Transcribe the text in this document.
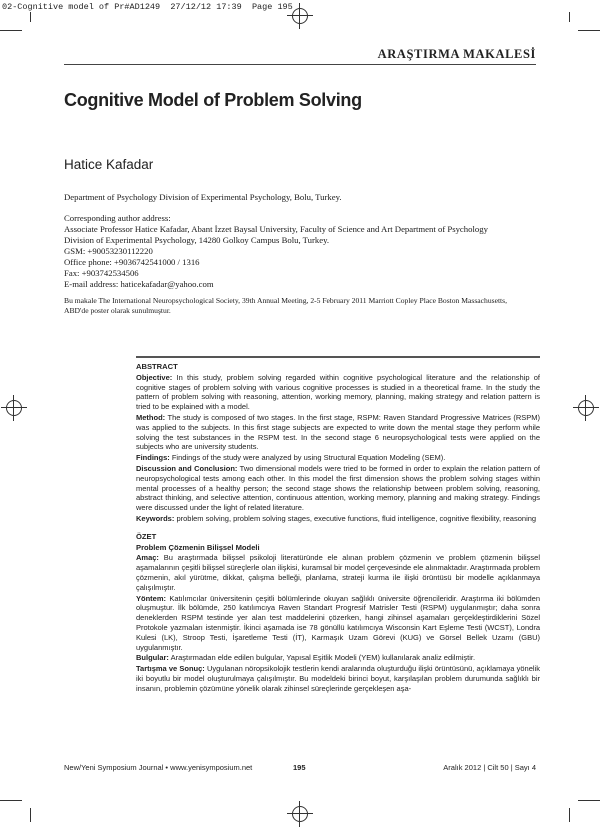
02-Cognitive model of Pr#AD1249  27/12/12 17:39  Page 195
ARAŞTIRMA MAKALESİ
Cognitive Model of Problem Solving
Hatice Kafadar
Department of Psychology Division of Experimental Psychology, Bolu, Turkey.
Corresponding author address:
Associate Professor Hatice Kafadar, Abant İzzet Baysal University, Faculty of Science and Art Department of Psychology
Division of Experimental Psychology, 14280 Golkoy Campus Bolu, Turkey.
GSM: +90053230112220
Office phone: +9036742541000 / 1316
Fax: +903742534506
E-mail address: haticekafadar@yahoo.com
Bu makale The International Neuropsychological Society, 39th Annual Meeting, 2-5 February 2011 Marriott Copley Place Boston Massachusetts,
ABD'de poster olarak sunulmuştur.
ABSTRACT
Objective: In this study, problem solving regarded within cognitive psychological literature and the relationship of cognitive stages of problem solving with various cognitive processes is studied in a theoretical frame. In the study the pattern of problem solving with reasoning, attention, working memory, planning, making strategy and relation pattern is tried to be explained with a model.
Method: The study is composed of two stages. In the first stage, RSPM: Raven Standard Progressive Matrices (RSPM) was applied to the subjects. In this first stage subjects are expected to write down the mental stage they perform while solving the test substances in the RSPM test. In the second stage 6 neuropsychological tests were applied on the subjects who are university students.
Findings: Findings of the study were analyzed by using Structural Equation Modeling (SEM).
Discussion and Conclusion: Two dimensional models were tried to be formed in order to explain the relation pattern of neuropsychological tests among each other. In this model the first dimension shows the problem solving stages within mental processes of a healthy person; the second stage shows the relationship between problem solving, reasoning, abstract thinking, and selective attention, continuous attention, working memory, planning and making strategy. Findings were discussed under the light of related literature.
Keywords: problem solving, problem solving stages, executive functions, fluid intelligence, cognitive flexibility, reasoning
ÖZET
Problem Çözmenin Bilişsel Modeli
Amaç: Bu araştırmada bilişsel psikoloji literatüründe ele alınan problem çözmenin ve problem çözmenin bilişsel aşamalarının çeşitli bilişsel süreçlerle olan ilişkisi, kuramsal bir model çerçevesinde ele alınmaktadır. Araştırmada problem çözmenin, akıl yürütme, dikkat, çalışma belleği, planlama, strateji kurma ile ilişki örüntüsü bir modelle açıklanmaya çalışılmıştır.
Yöntem: Katılımcılar üniversitenin çeşitli bölümlerinde okuyan sağlıklı üniversite öğrencileridir. Araştırma iki bölümden oluşmuştur. İlk bölümde, 250 katılımcıya Raven Standart Progresif Matrisler Testi (RSPM) uygulanmıştır; daha sonra deneklerden RSPM testinde yer alan test maddelerini çözerken, hangi zihinsel aşamaları gerçekleştirdiklerini Sözel Protokole yazmaları istenmiştir. İkinci aşamada ise 78 gönüllü katılımcıya Wisconsin Kart Eşleme Testi (WCST), Londra Kulesi (LK), Stroop Testi, İşaretleme Testi (İT), Karmaşık Uzam Görevi (KUG) ve Görsel Bellek Uzamı (GBU) uygulanmıştır.
Bulgular: Araştırmadan elde edilen bulgular, Yapısal Eşitlik Modeli (YEM) kullanılarak analiz edilmiştir.
Tartışma ve Sonuç: Uygulanan nöropsikolojik testlerin kendi aralarında oluşturduğu ilişki örüntüsünü, açıklamaya yönelik iki boyutlu bir model oluşturulmaya çalışılmıştır. Bu modeldeki birinci boyut, karşılaşılan problem durumunda sağlıklı bir insanın, problemin çözümüne yönelik olarak zihinsel süreçlerinde gerçekleşen aşa-
New/Yeni Symposium Journal • www.yenisymposium.net	195	Aralık 2012 | Cilt 50 | Sayı 4
